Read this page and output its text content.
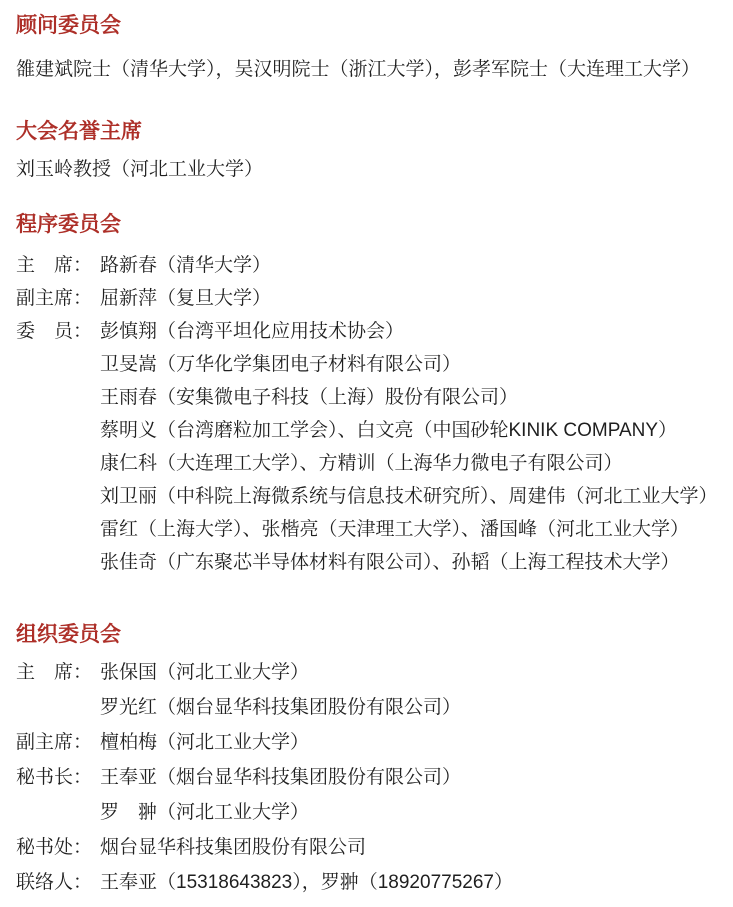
顾问委员会
雒建斌院士（清华大学），吴汉明院士（浙江大学），彭孝军院士（大连理工大学）
大会名誉主席
刘玉岭教授（河北工业大学）
程序委员会
主　席： 路新春（清华大学）
副主席： 屈新萍（复旦大学）
委　员： 彭慎翔（台湾平坦化应用技术协会）
卫旻嵩（万华化学集团电子材料有限公司）
王雨春（安集微电子科技（上海）股份有限公司）
蔡明义（台湾磨粒加工学会）、白文亮（中国砂轮KINIK COMPANY）
康仁科（大连理工大学）、方精训（上海华力微电子有限公司）
刘卫丽（中科院上海微系统与信息技术研究所）、周建伟（河北工业大学）
雷红（上海大学）、张楷亮（天津理工大学）、潘国峰（河北工业大学）
张佳奇（广东聚芯半导体材料有限公司）、孙韬（上海工程技术大学）
组织委员会
主　席： 张保国（河北工业大学）
罗光红（烟台显华科技集团股份有限公司）
副主席： 檀柏梅（河北工业大学）
秘书长： 王奉亚（烟台显华科技集团股份有限公司）
罗　翀（河北工业大学）
秘书处： 烟台显华科技集团股份有限公司
联络人： 王奉亚（15318643823），罗翀（18920775267）
